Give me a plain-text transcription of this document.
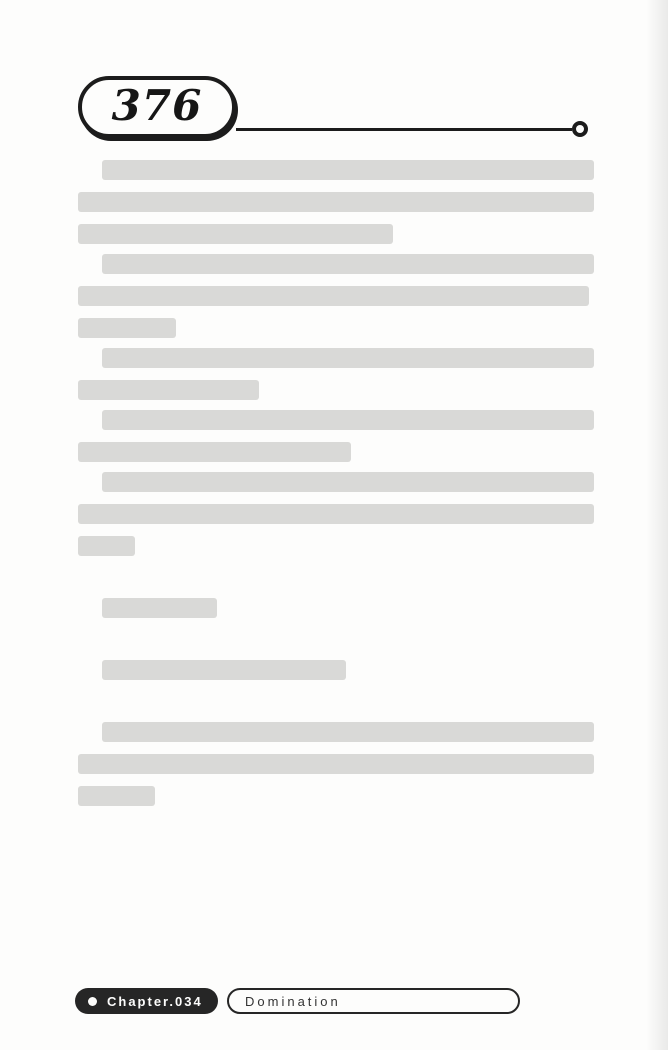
376
Chapter.034	Domination
